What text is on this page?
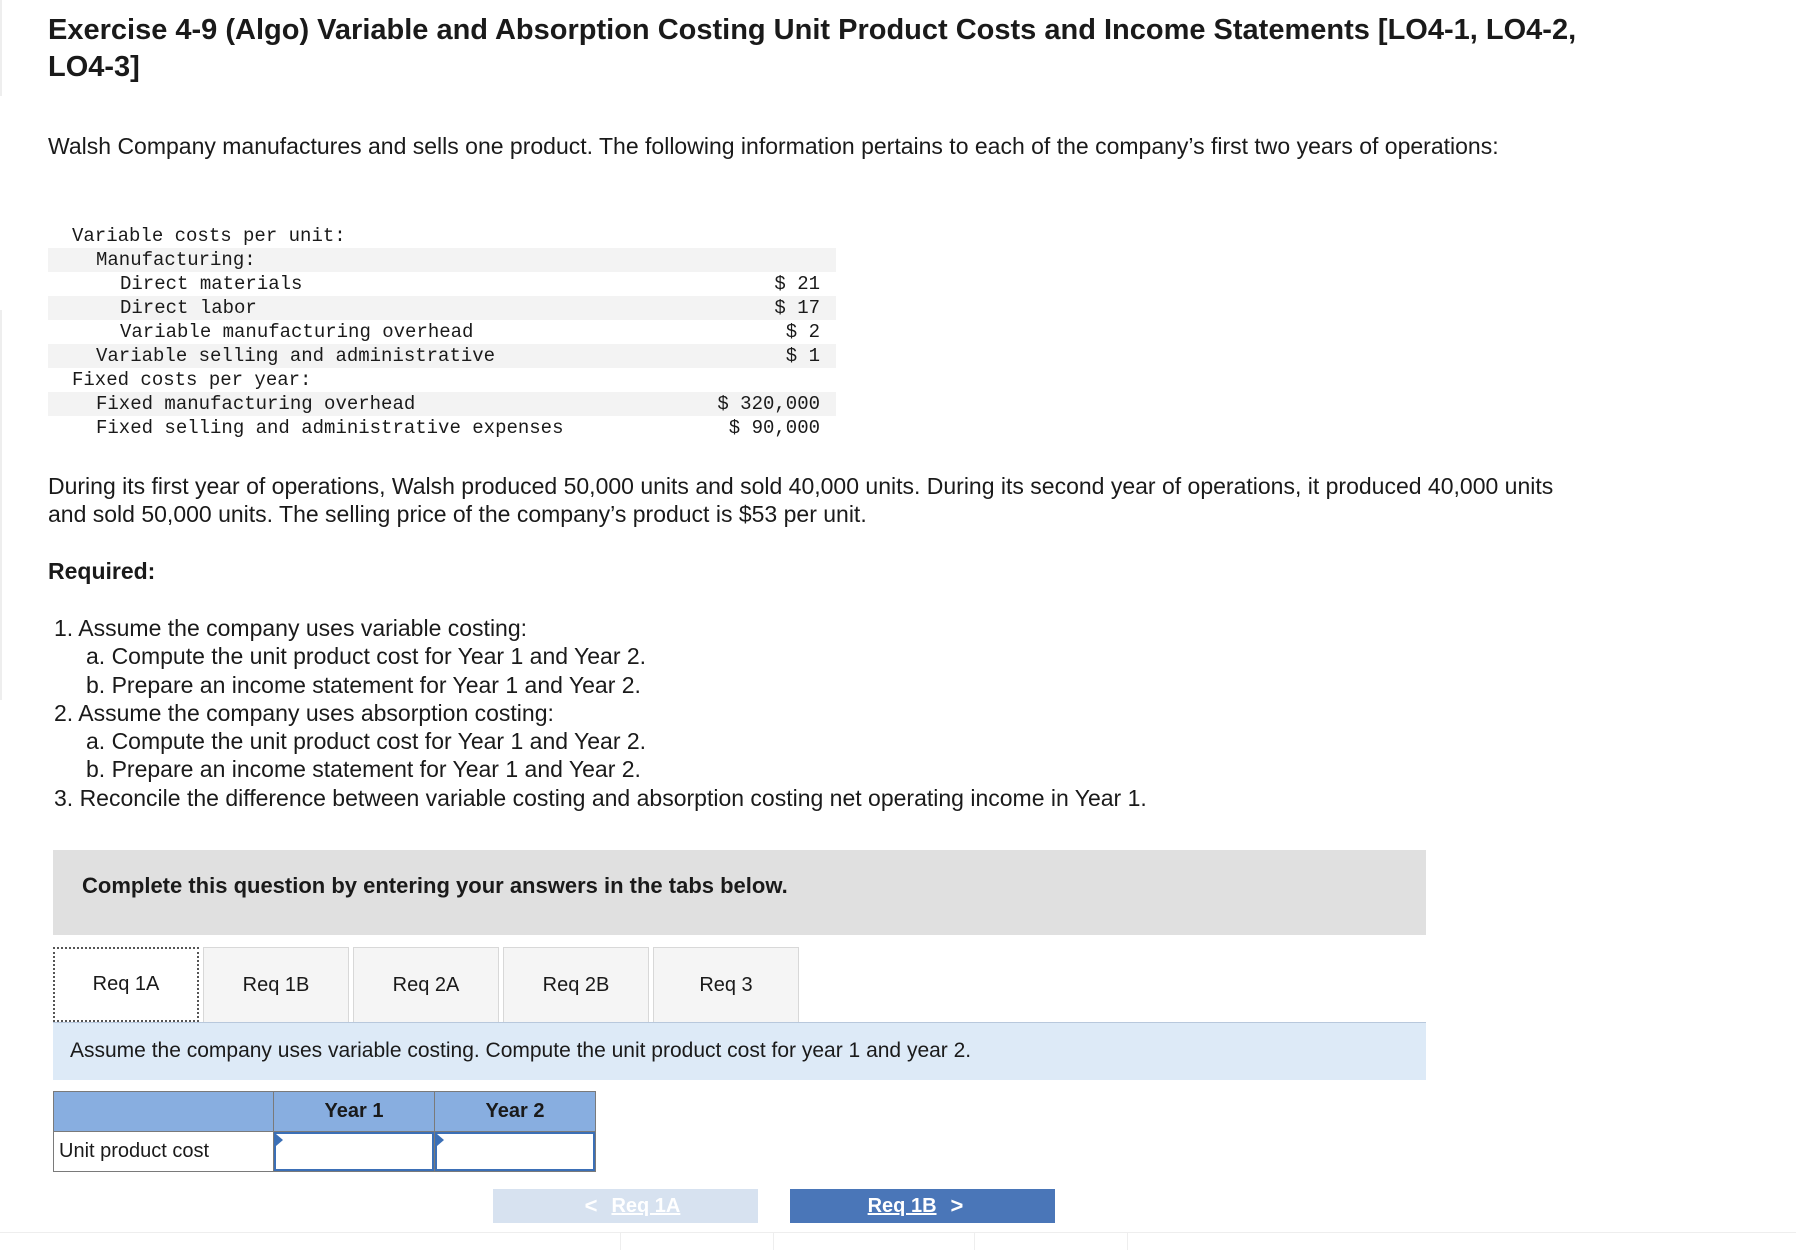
Exercise 4-9 (Algo) Variable and Absorption Costing Unit Product Costs and Income Statements [LO4-1, LO4-2, LO4-3]

Walsh Company manufactures and sells one product. The following information pertains to each of the company’s first two years of operations:

Variable costs per unit:	
Manufacturing:	
Direct materials	$ 21
Direct labor	$ 17
Variable manufacturing overhead	$ 2
Variable selling and administrative	$ 1
Fixed costs per year:	
Fixed manufacturing overhead	$ 320,000
Fixed selling and administrative expenses	$ 90,000

During its first year of operations, Walsh produced 50,000 units and sold 40,000 units. During its second year of operations, it produced 40,000 units and sold 50,000 units. The selling price of the company’s product is $53 per unit.

Required:
1. Assume the company uses variable costing:
a. Compute the unit product cost for Year 1 and Year 2.
b. Prepare an income statement for Year 1 and Year 2.
2. Assume the company uses absorption costing:
a. Compute the unit product cost for Year 1 and Year 2.
b. Prepare an income statement for Year 1 and Year 2.
3. Reconcile the difference between variable costing and absorption costing net operating income in Year 1.
Complete this question by entering your answers in the tabs below.
Req 1A	Req 1B	Req 2A	Req 2B	Req 3
Assume the company uses variable costing. Compute the unit product cost for year 1 and year 2.
	Year 1	Year 2
Unit product cost	

< Req 1A	Req 1B >
